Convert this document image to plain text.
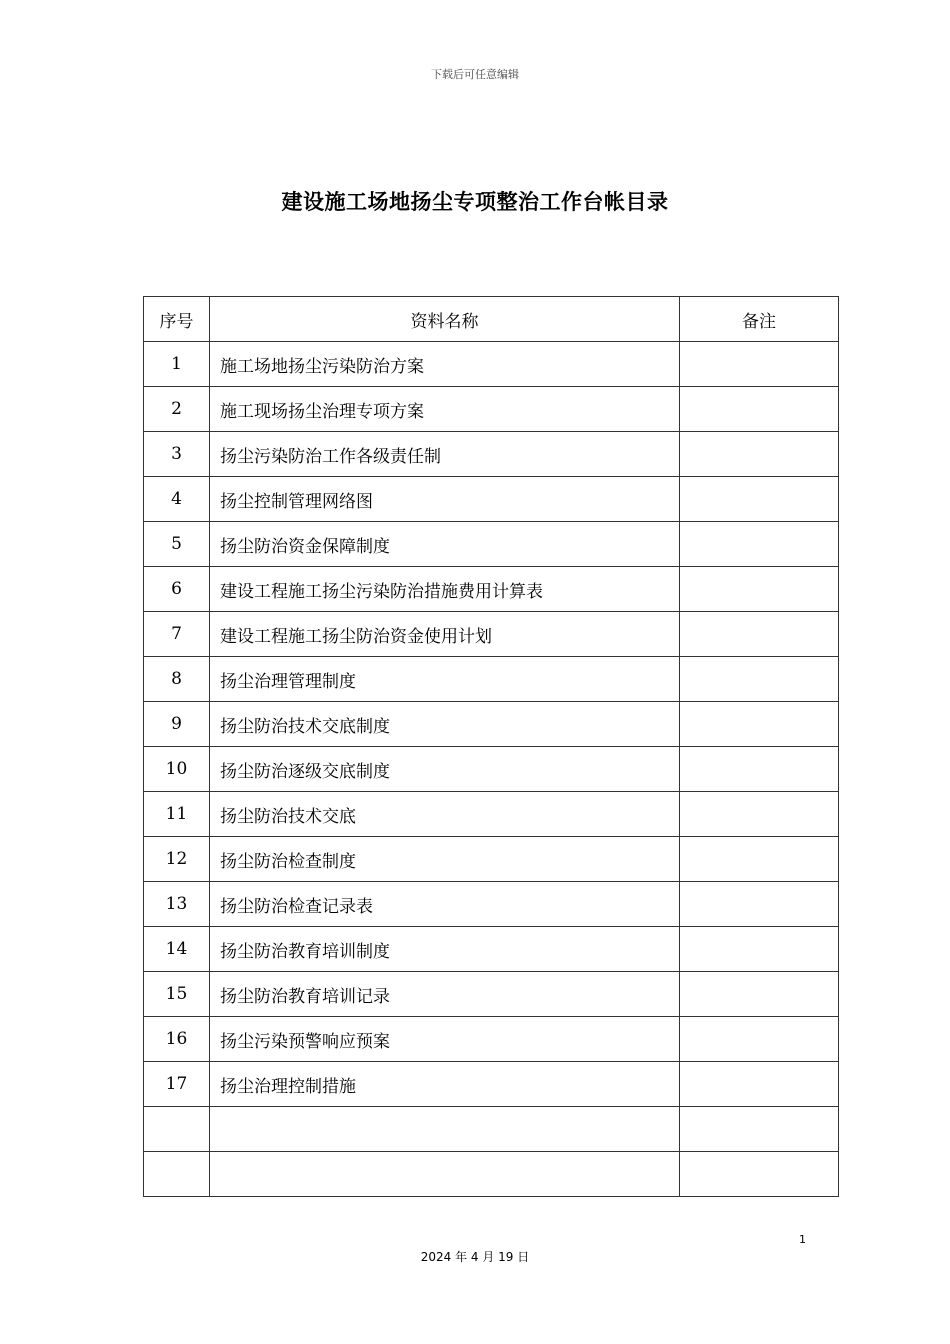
下载后可任意编辑
建设施工场地扬尘专项整治工作台帐目录
序号	资料名称	备注
1	施工场地扬尘污染防治方案	
2	施工现场扬尘治理专项方案	
3	扬尘污染防治工作各级责任制	
4	扬尘控制管理网络图	
5	扬尘防治资金保障制度	
6	建设工程施工扬尘污染防治措施费用计算表	
7	建设工程施工扬尘防治资金使用计划	
8	扬尘治理管理制度	
9	扬尘防治技术交底制度	
10	扬尘防治逐级交底制度	
11	扬尘防治技术交底	
12	扬尘防治检查制度	
13	扬尘防治检查记录表	
14	扬尘防治教育培训制度	
15	扬尘防治教育培训记录	
16	扬尘污染预警响应预案	
17	扬尘治理控制措施	

1
2024 年 4 月 19 日
